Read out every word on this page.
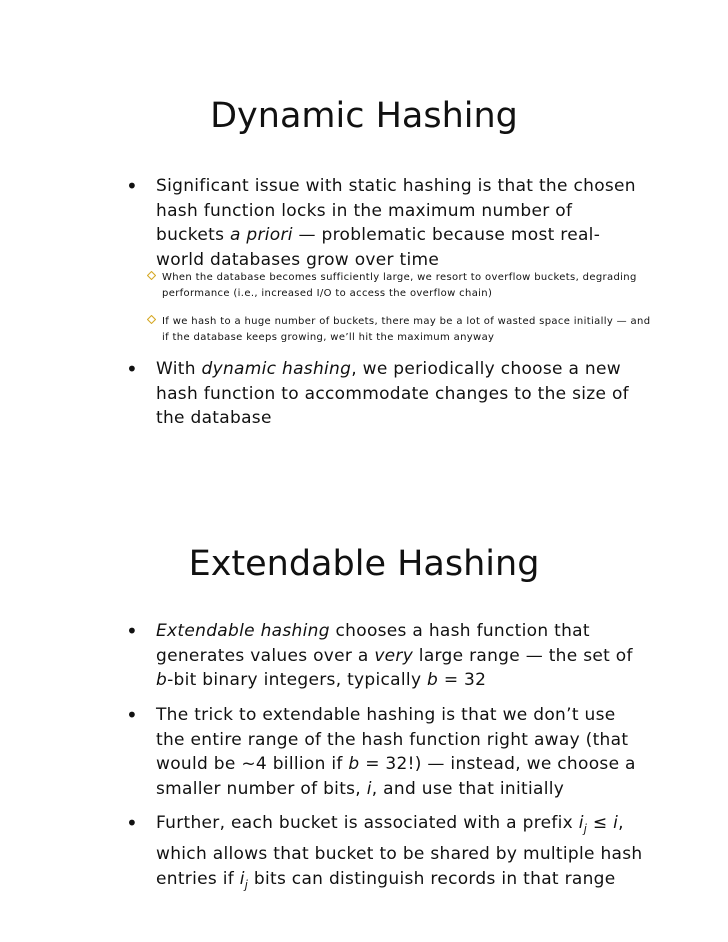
Dynamic Hashing
• Significant issue with static hashing is that the chosen
hash function locks in the maximum number of
buckets a priori — problematic because most real-
world databases grow over time
When the database becomes sufficiently large, we resort to overflow buckets, degrading
performance (i.e., increased I/O to access the overflow chain)
If we hash to a huge number of buckets, there may be a lot of wasted space initially — and
if the database keeps growing, we’ll hit the maximum anyway
• With dynamic hashing, we periodically choose a new
hash function to accommodate changes to the size of
the database
Extendable Hashing
• Extendable hashing chooses a hash function that
generates values over a very large range — the set of
b-bit binary integers, typically b = 32
• The trick to extendable hashing is that we don’t use
the entire range of the hash function right away (that
would be ~4 billion if b = 32!) — instead, we choose a
smaller number of bits, i, and use that initially
• Further, each bucket is associated with a prefix $i_j \le i$,
which allows that bucket to be shared by multiple hash
entries if $i_j$ bits can distinguish records in that range
